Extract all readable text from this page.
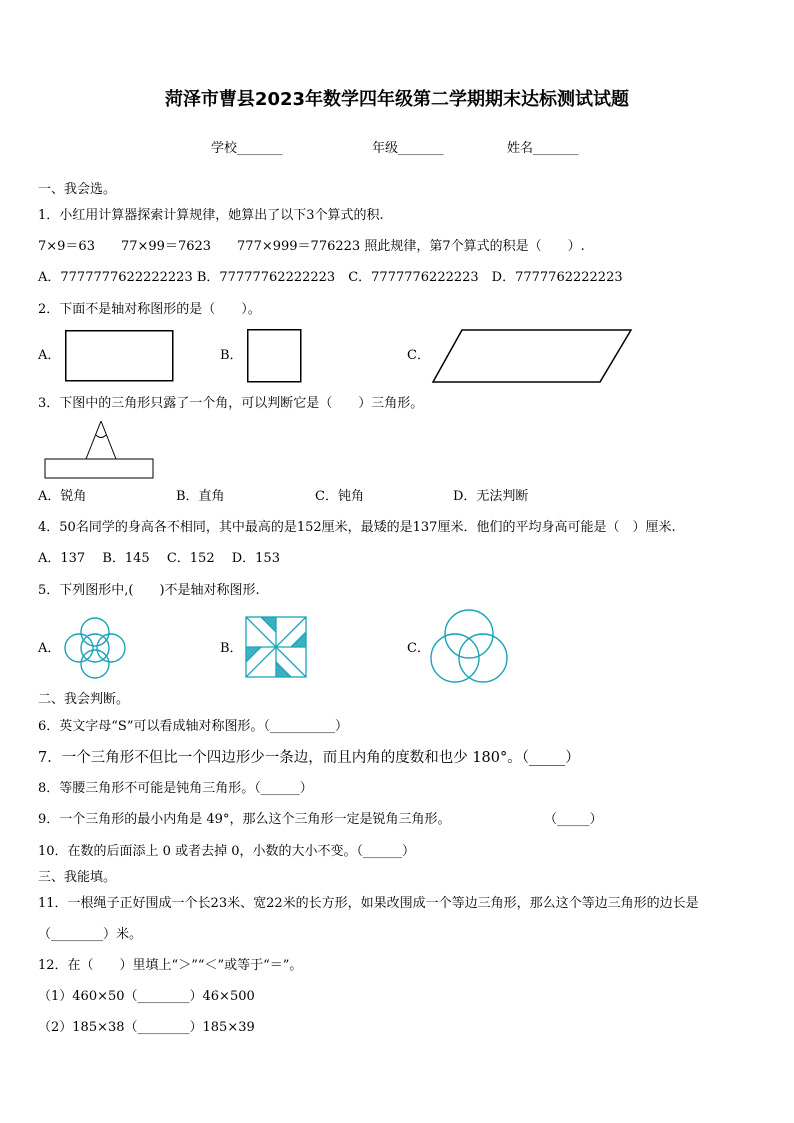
菏泽市曹县2023年数学四年级第二学期期末达标测试试题
学校_______	年级_______	姓名_______
一、我会选。
1．小红用计算器探索计算规律，她算出了以下3个算式的积.
7×9＝63　　77×99＝7623　　777×999＝776223 照此规律，第7个算式的积是（　　）.
A．7777777622222223 B．77777762222223　C．7777776222223　D．7777762222223
2．下面不是轴对称图形的是（　　）。
A．	B．	C．
3．下图中的三角形只露了一个角，可以判断它是（　　）三角形。
A．锐角	B．直角	C．钝角	D．无法判断
4．50名同学的身高各不相同，其中最高的是152厘米，最矮的是137厘米．他们的平均身高可能是（　）厘米.
A．137　 B．145　 C．152　 D．153
5．下列图形中,(　　)不是轴对称图形.
A．	B．	C．
二、我会判断。
6．英文字母“S”可以看成轴对称图形。（__________）
7．一个三角形不但比一个四边形少一条边，而且内角的度数和也少 180°。（_____）
8．等腰三角形不可能是钝角三角形。（______）
9．一个三角形的最小内角是 49°，那么这个三角形一定是锐角三角形。	（_____）
10．在数的后面添上 0 或者去掉 0，小数的大小不变。（______）
三、我能填。
11．一根绳子正好围成一个长23米、宽22米的长方形，如果改围成一个等边三角形，那么这个等边三角形的边长是
（________）米。
12．在（　　）里填上“＞”“＜”或等于“＝”。
（1）460×50（________）46×500
（2）185×38（________）185×39
